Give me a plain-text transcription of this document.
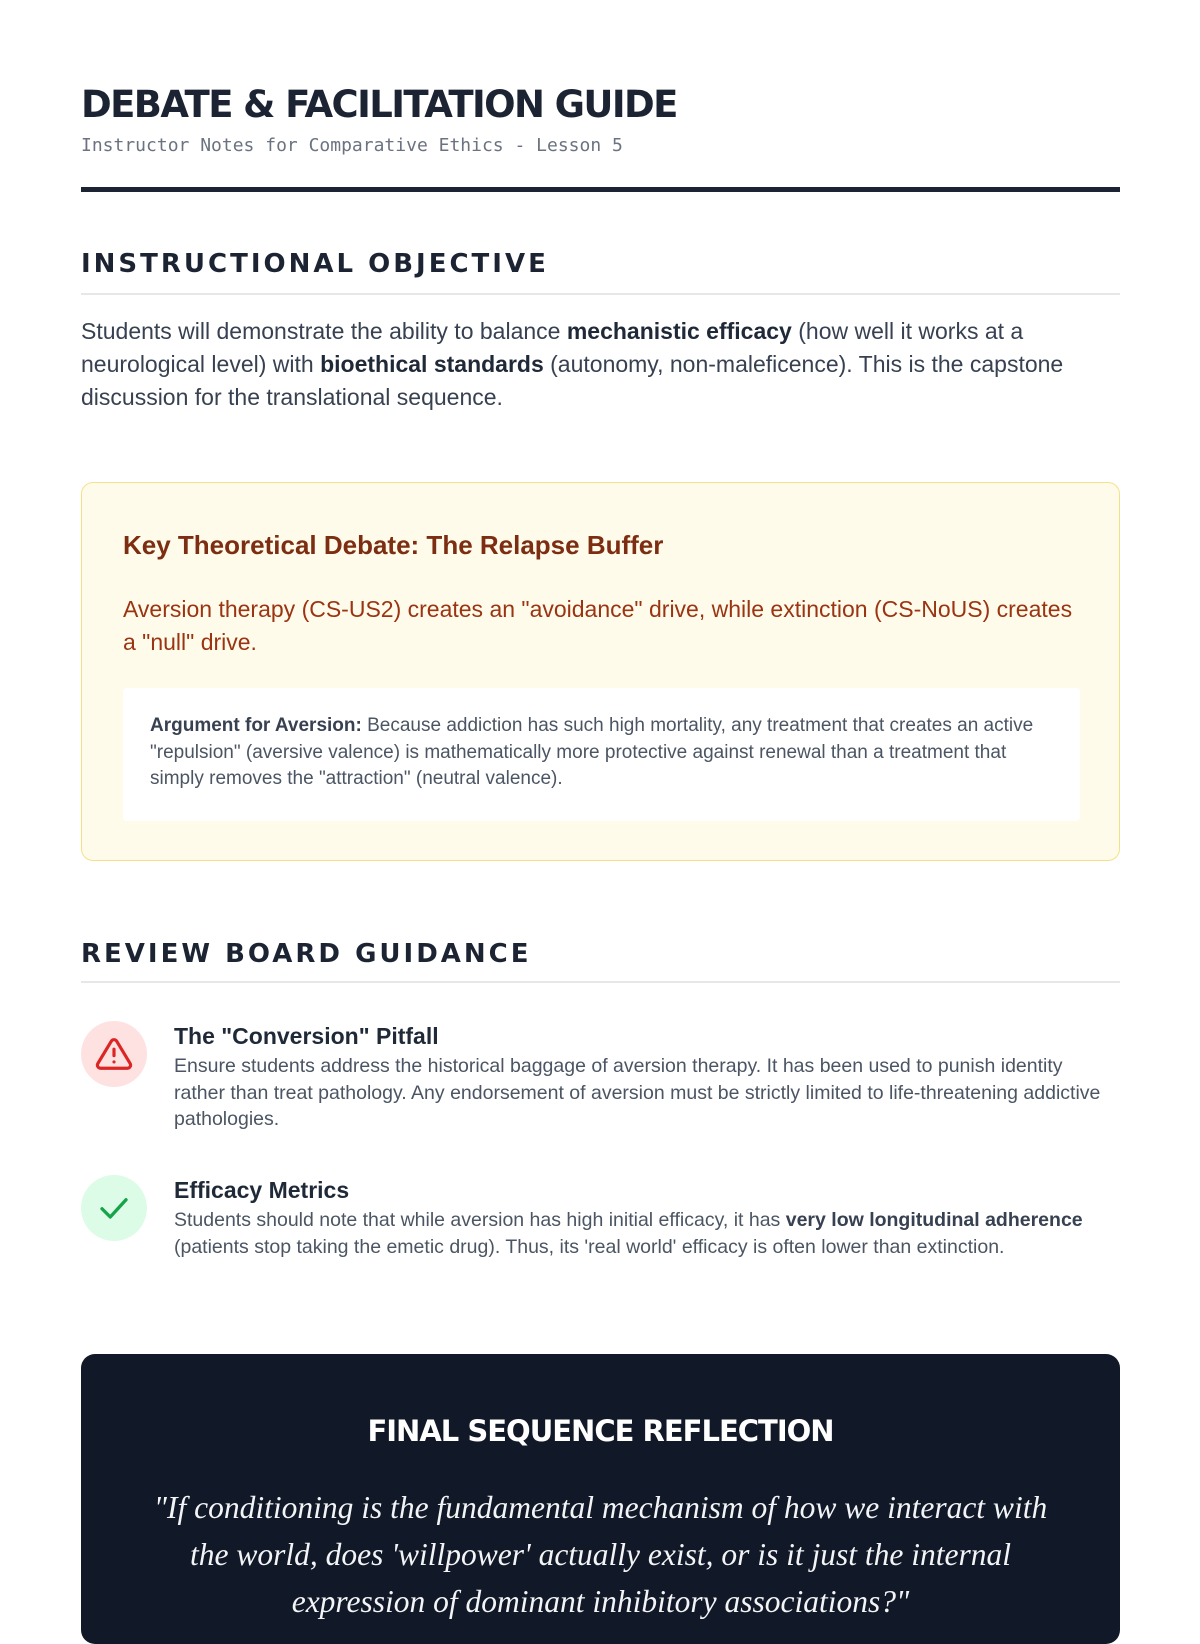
DEBATE & FACILITATION GUIDE
Instructor Notes for Comparative Ethics - Lesson 5
INSTRUCTIONAL OBJECTIVE

Students will demonstrate the ability to balance mechanistic efficacy (how well it works at a neurological level) with bioethical standards (autonomy, non-maleficence). This is the capstone discussion for the translational sequence.

Key Theoretical Debate: The Relapse Buffer

Aversion therapy (CS-US2) creates an "avoidance" drive, while extinction (CS-NoUS) creates a "null" drive.

Argument for Aversion: Because addiction has such high mortality, any treatment that creates an active "repulsion" (aversive valence) is mathematically more protective against renewal than a treatment that simply removes the "attraction" (neutral valence).
REVIEW BOARD GUIDANCE
The "Conversion" Pitfall

Ensure students address the historical baggage of aversion therapy. It has been used to punish identity rather than treat pathology. Any endorsement of aversion must be strictly limited to life-threatening addictive pathologies.

Efficacy Metrics

Students should note that while aversion has high initial efficacy, it has very low longitudinal adherence (patients stop taking the emetic drug). Thus, its 'real world' efficacy is often lower than extinction.

FINAL SEQUENCE REFLECTION

"If conditioning is the fundamental mechanism of how we interact with the world, does 'willpower' actually exist, or is it just the internal expression of dominant inhibitory associations?"
